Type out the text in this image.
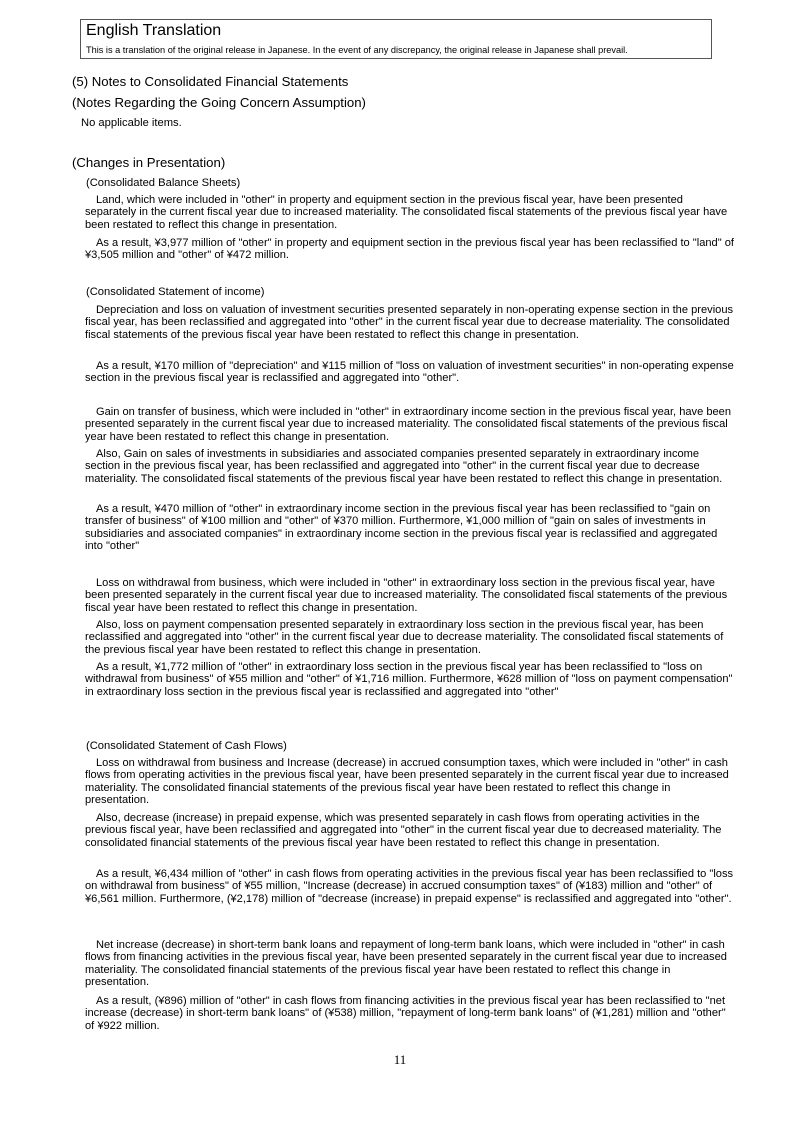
English Translation
This is a translation of the original release in Japanese. In the event of any discrepancy, the original release in Japanese shall prevail.
(5) Notes to Consolidated Financial Statements
(Notes Regarding the Going Concern Assumption)
No applicable items.
(Changes in Presentation)
(Consolidated Balance Sheets)

Land, which were included in "other" in property and equipment section in the previous fiscal year, have been presented separately in the current fiscal year due to increased materiality. The consolidated fiscal statements of the previous fiscal year have been restated to reflect this change in presentation.

As a result, ¥3,977 million of "other" in property and equipment section in the previous fiscal year has been reclassified to "land" of ¥3,505 million and "other" of ¥472 million.

(Consolidated Statement of income)

Depreciation and loss on valuation of investment securities presented separately in non-operating expense section in the previous fiscal year, has been reclassified and aggregated into "other" in the current fiscal year due to decrease materiality. The consolidated fiscal statements of the previous fiscal year have been restated to reflect this change in presentation.

As a result, ¥170 million of "depreciation" and ¥115 million of "loss on valuation of investment securities" in non-operating expense section in the previous fiscal year is reclassified and aggregated into "other".

Gain on transfer of business, which were included in "other" in extraordinary income section in the previous fiscal year, have been presented separately in the current fiscal year due to increased materiality. The consolidated fiscal statements of the previous fiscal year have been restated to reflect this change in presentation.

Also, Gain on sales of investments in subsidiaries and associated companies presented separately in extraordinary income section in the previous fiscal year, has been reclassified and aggregated into "other" in the current fiscal year due to decrease materiality. The consolidated fiscal statements of the previous fiscal year have been restated to reflect this change in presentation.

As a result, ¥470 million of "other" in extraordinary income section in the previous fiscal year has been reclassified to "gain on transfer of business" of ¥100 million and "other" of ¥370 million. Furthermore, ¥1,000 million of "gain on sales of investments in subsidiaries and associated companies" in extraordinary income section in the previous fiscal year is reclassified and aggregated into "other"

Loss on withdrawal from business, which were included in "other" in extraordinary loss section in the previous fiscal year, have been presented separately in the current fiscal year due to increased materiality. The consolidated fiscal statements of the previous fiscal year have been restated to reflect this change in presentation.

Also, loss on payment compensation presented separately in extraordinary loss section in the previous fiscal year, has been reclassified and aggregated into "other" in the current fiscal year due to decrease materiality. The consolidated fiscal statements of the previous fiscal year have been restated to reflect this change in presentation.

As a result, ¥1,772 million of "other" in extraordinary loss section in the previous fiscal year has been reclassified to "loss on withdrawal from business" of ¥55 million and "other" of ¥1,716 million. Furthermore, ¥628 million of "loss on payment compensation" in extraordinary loss section in the previous fiscal year is reclassified and aggregated into "other"

(Consolidated Statement of Cash Flows)

Loss on withdrawal from business and Increase (decrease) in accrued consumption taxes, which were included in "other" in cash flows from operating activities in the previous fiscal year, have been presented separately in the current fiscal year due to increased materiality. The consolidated financial statements of the previous fiscal year have been restated to reflect this change in presentation.

Also, decrease (increase) in prepaid expense, which was presented separately in cash flows from operating activities in the previous fiscal year, have been reclassified and aggregated into "other" in the current fiscal year due to decreased materiality. The consolidated financial statements of the previous fiscal year have been restated to reflect this change in presentation.

As a result, ¥6,434 million of "other" in cash flows from operating activities in the previous fiscal year has been reclassified to "loss on withdrawal from business" of ¥55 million, "Increase (decrease) in accrued consumption taxes" of (¥183) million and "other" of ¥6,561 million. Furthermore, (¥2,178) million of "decrease (increase) in prepaid expense" is reclassified and aggregated into "other".

Net increase (decrease) in short-term bank loans and repayment of long-term bank loans, which were included in "other" in cash flows from financing activities in the previous fiscal year, have been presented separately in the current fiscal year due to increased materiality. The consolidated financial statements of the previous fiscal year have been restated to reflect this change in presentation.

As a result, (¥896) million of "other" in cash flows from financing activities in the previous fiscal year has been reclassified to "net increase (decrease) in short-term bank loans" of (¥538) million, "repayment of long-term bank loans" of (¥1,281) million and "other" of ¥922 million.

11
